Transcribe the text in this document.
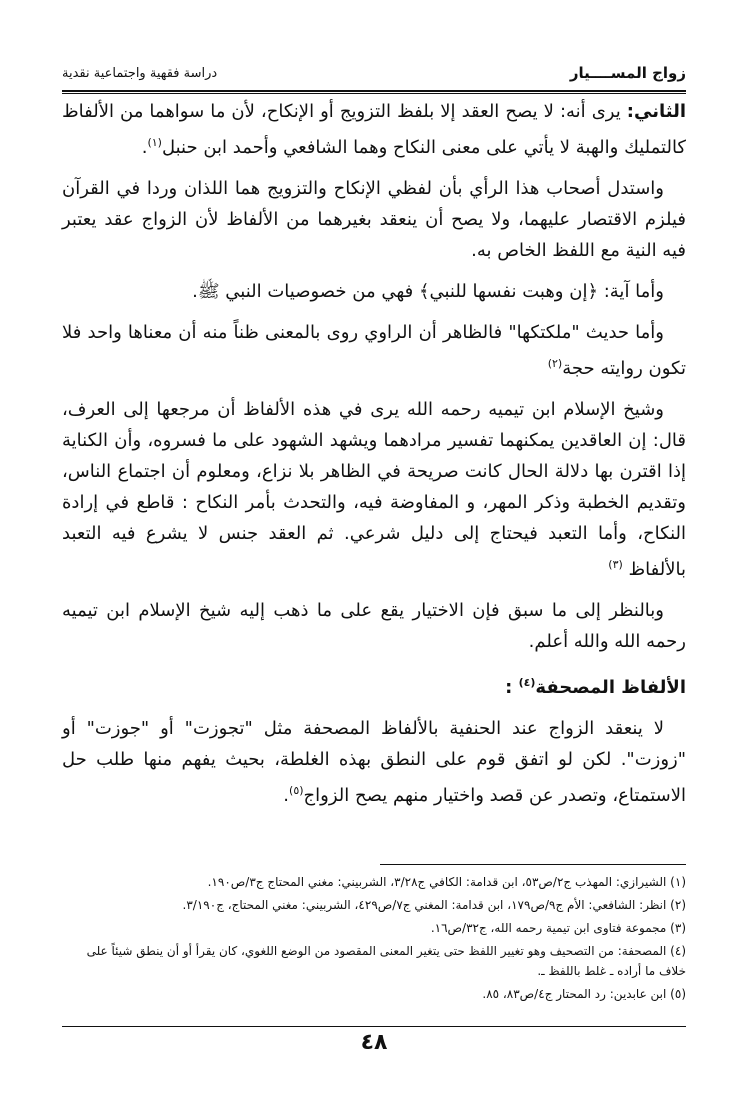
زواج المســــيار
دراسة فقهية واجتماعية نقدية

الثاني: يرى أنه: لا يصح العقد إلا بلفظ التزويج أو الإنكاح، لأن ما سواهما من الألفاظ كالتمليك والهبة لا يأتي على معنى النكاح وهما الشافعي وأحمد ابن حنبل$^{(١)}$.

واستدل أصحاب هذا الرأي بأن لفظي الإنكاح والتزويج هما اللذان وردا في القرآن فيلزم الاقتصار عليهما، ولا يصح أن ينعقد بغيرهما من الألفاظ لأن الزواج عقد يعتبر فيه النية مع اللفظ الخاص به.

وأما آية: ﴿إن وهبت نفسها للنبي﴾ فهي من خصوصيات النبي ﷺ.

وأما حديث "ملكتكها" فالظاهر أن الراوي روى بالمعنى ظناً منه أن معناها واحد فلا تكون روايته حجة$^{(٢)}$

وشيخ الإسلام ابن تيميه رحمه الله يرى في هذه الألفاظ أن مرجعها إلى العرف، قال: إن العاقدين يمكنهما تفسير مرادهما ويشهد الشهود على ما فسروه، وأن الكناية إذا اقترن بها دلالة الحال كانت صريحة في الظاهر بلا نزاع، ومعلوم أن اجتماع الناس، وتقديم الخطبة وذكر المهر، و المفاوضة فيه، والتحدث بأمر النكاح : قاطع في إرادة النكاح، وأما التعبد فيحتاج إلى دليل شرعي. ثم العقد جنس لا يشرع فيه التعبد بالألفاظ $^{(٣)}$

وبالنظر إلى ما سبق فإن الاختيار يقع على ما ذهب إليه شيخ الإسلام ابن تيميه رحمه الله والله أعلم.

الألفاظ المصحفة$^{(٤)}$ :

لا ينعقد الزواج عند الحنفية بالألفاظ المصحفة مثل "تجوزت" أو "جوزت" أو "زوزت". لكن لو اتفق قوم على النطق بهذه الغلطة، بحيث يفهم منها طلب حل الاستمتاع، وتصدر عن قصد واختيار منهم يصح الزواج$^{(٥)}$.

(١) الشيرازي: المهذب ج٢/ص٥٣، ابن قدامة: الكافي ج٣/٢٨، الشربيني: مغني المحتاج ج٣/ص١٩٠.
(٢) انظر: الشافعي: الأم ج٩/ص١٧٩، ابن قدامة: المغني ج٧/ص٤٢٩، الشربيني: مغني المحتاج، ج٣/١٩٠.
(٣) مجموعة فتاوى ابن تيمية رحمه الله، ج٣٢/ص١٦.
(٤) المصحفة: من التصحيف وهو تغيير اللفظ حتى يتغير المعنى المقصود من الوضع اللغوي، كان يقرأ أو أن ينطق شيئاً على خلاف ما أراده ـ غلط باللفظ ـ.
(٥) ابن عابدين: رد المحتار ج٤/ص٨٣، ٨٥.
٤٨
